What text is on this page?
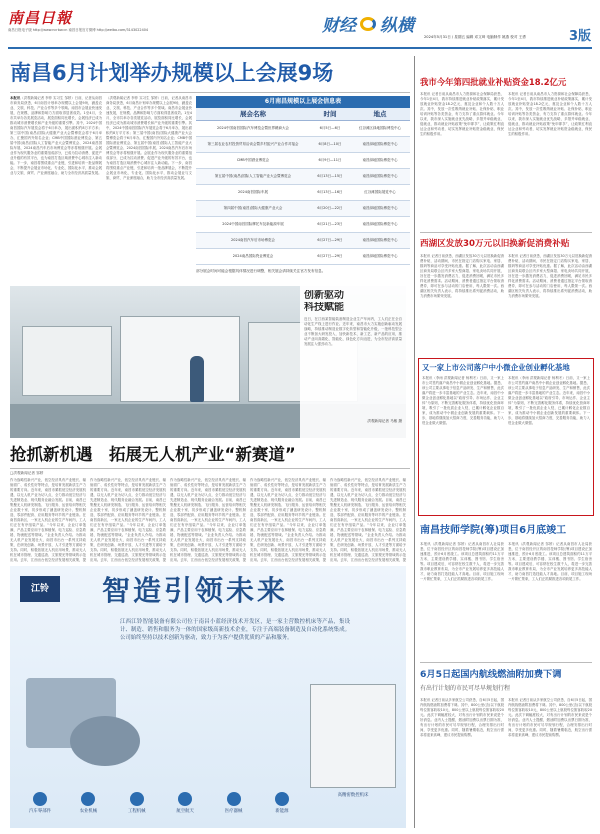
南昌日報
南昌日报电子版 http://www.ncrbw.cn 南昌日报官方微博 http://weibo.com/3143022404	财经 纵横
2024年5月31日 / 星期五 编辑 邓文琦 电脑制作 姚燕 校对 王勇	3版
南昌6月计划举办规模以上会展9场
本报讯（洪观新闻记者 李菲 实习生 邹婷）日前，记者从南昌市商务局获悉，6月南昌计划举办规模以上会展9场，涵盖农业、文旅、科技、产业合作等多个领域。南昌市会展业快速发展，在规模、品牌和影响力方面取得显著成效。1至4月，全市共举办各类展览活动，展览面积同比增长，会展经济已成为推动城市消费增长和产业升级的重要引擎。其中，2024中国南昌国际汽车展览会将于6月举办，展出面积约8万平方米；第三届中国(南昌)国际大健康产业大会暨博览会将于6月举办，汇聚国内外知名企业；CMB中国国际酒业博览会、第五届中国(南昌)国际人工智能产业大会暨博览会、2024南昌国际车展、2024南昌汽车后市场博览会等亦将相继开展。会展业作为现代服务业的重要组成部分，已成为拉动消费、促进产业升级的有效平台，也为南昌打造区域消费中心城市注入新动能。下一步，南昌将围绕重点产业链，引进和培育一批品牌展会，不断提升会展业市场化、专业化、国际化水平，推动会展业与文旅、商贸、产业深度融合，助力全市经济高质量发展。
（洪观新闻记者 李菲 实习生 邹婷）日前，记者从南昌市商务局获悉，6月南昌计划举办规模以上会展9场，涵盖农业、文旅、科技、产业合作等多个领域。南昌市会展业快速发展，在规模、品牌和影响力方面取得显著成效。1至4月，全市共举办各类展览活动，展览面积同比增长，会展经济已成为推动城市消费增长和产业升级的重要引擎。其中，2024中国南昌国际汽车展览会将于6月举办，展出面积约8万平方米；第三届中国(南昌)国际大健康产业大会暨博览会将于6月举办，汇聚国内外知名企业；CMB中国国际酒业博览会、第五届中国(南昌)国际人工智能产业大会暨博览会、2024南昌国际车展、2024南昌汽车后市场博览会等亦将相继开展。会展业作为现代服务业的重要组成部分，已成为拉动消费、促进产业升级的有效平台，也为南昌打造区域消费中心城市注入新动能。下一步，南昌将围绕重点产业链，引进和培育一批品牌展会，不断提升会展业市场化、专业化、国际化水平，推动会展业与文旅、商贸、产业深度融合，助力全市经济高质量发展。
6月南昌规模以上展会信息表
展会名称	时间	地点
2024中国南昌国际汽车博览会暨世界赣商大会	6月5日—6日	红谷滩区绿地国际博览中心
第三届农业农村投资贸易洽谈会暨乡村振兴产业合作对接会	6月8日—10日	南昌绿地国际博览中心
CMB中国酒业博览会	6月9日—11日	南昌绿地国际博览中心
第五届中国(南昌)国际人工智能产业大会暨博览会	6月13日—15日	南昌绿地国际博览中心
2024南昌国际车展	6月13日—16日	红谷滩国际展览中心
第四届中国(南昌)国际大健康产业大会	6月20日—22日	南昌绿地国际博览中心
2024中国南昌国际摩托车及新能源车展	6月21日—23日	南昌绿地国际博览中心
2024南昌汽车后市场博览会	6月27日—29日	南昌绿地国际博览中心
2024南昌国际瓷业博览会	6月27日—29日	南昌绿地国际博览中心
部分展会时间可能会根据具体情况进行调整，相关展会请持续关注官方发布信息。
创新驱动
科技赋能
近日，在江西某智能装备制造企业生产车间内，工人们正在全自动化生产线上进行作业。近年来，南昌市大力实施创新驱动发展战略，持续推动制造业数字化转型和智能化升级，一批科技型企业不断加大研发投入，加快新技术、新工艺、新产品的应用，推动产业向高端化、智能化、绿色化方向迈进，为全市经济高质量发展注入强劲动力。
洪观新闻记者 马敏 摄
抢抓新机遇　拓展无人机产业“新赛道”
□洪观新闻记者 邹婷
作为战略性新兴产业，低空经济具有产业链长、辐射面广、成长性好等特点，是培育发展新质生产力的重要方向。近年来，南昌市紧抓低空经济发展机遇，以无人机产业为切入点，全力推动低空经济与先进制造业、现代服务业融合发展。目前，南昌已集聚无人机研发制造、飞行服务、运营培训等相关企业数十家，初步形成了涵盖研发设计、整机制造、零部件配套、应用服务等环节的产业链条。在南昌高新区，一家无人机企业的生产车间内，工人们正在有序组装产品。“今年以来，企业订单饱满，产品主要应用于农林植保、电力巡检、应急救援、物流配送等领域。”企业负责人介绍。为推动无人机产业发展壮大，南昌市出台一系列支持政策，在研发创新、场景开放、人才引进等方面给予支持。同时，积极拓展无人机应用场景，推动无人机在城市管理、交通巡查、文旅观光等领域的示范应用。去年，江西出台低空经济发展相关政策，提
作为战略性新兴产业，低空经济具有产业链长、辐射面广、成长性好等特点，是培育发展新质生产力的重要方向。近年来，南昌市紧抓低空经济发展机遇，以无人机产业为切入点，全力推动低空经济与先进制造业、现代服务业融合发展。目前，南昌已集聚无人机研发制造、飞行服务、运营培训等相关企业数十家，初步形成了涵盖研发设计、整机制造、零部件配套、应用服务等环节的产业链条。在南昌高新区，一家无人机企业的生产车间内，工人们正在有序组装产品。“今年以来，企业订单饱满，产品主要应用于农林植保、电力巡检、应急救援、物流配送等领域。”企业负责人介绍。为推动无人机产业发展壮大，南昌市出台一系列支持政策，在研发创新、场景开放、人才引进等方面给予支持。同时，积极拓展无人机应用场景，推动无人机在城市管理、交通巡查、文旅观光等领域的示范应用。去年，江西出台低空经济发展相关政策，提
作为战略性新兴产业，低空经济具有产业链长、辐射面广、成长性好等特点，是培育发展新质生产力的重要方向。近年来，南昌市紧抓低空经济发展机遇，以无人机产业为切入点，全力推动低空经济与先进制造业、现代服务业融合发展。目前，南昌已集聚无人机研发制造、飞行服务、运营培训等相关企业数十家，初步形成了涵盖研发设计、整机制造、零部件配套、应用服务等环节的产业链条。在南昌高新区，一家无人机企业的生产车间内，工人们正在有序组装产品。“今年以来，企业订单饱满，产品主要应用于农林植保、电力巡检、应急救援、物流配送等领域。”企业负责人介绍。为推动无人机产业发展壮大，南昌市出台一系列支持政策，在研发创新、场景开放、人才引进等方面给予支持。同时，积极拓展无人机应用场景，推动无人机在城市管理、交通巡查、文旅观光等领域的示范应用。去年，江西出台低空经济发展相关政策，提
作为战略性新兴产业，低空经济具有产业链长、辐射面广、成长性好等特点，是培育发展新质生产力的重要方向。近年来，南昌市紧抓低空经济发展机遇，以无人机产业为切入点，全力推动低空经济与先进制造业、现代服务业融合发展。目前，南昌已集聚无人机研发制造、飞行服务、运营培训等相关企业数十家，初步形成了涵盖研发设计、整机制造、零部件配套、应用服务等环节的产业链条。在南昌高新区，一家无人机企业的生产车间内，工人们正在有序组装产品。“今年以来，企业订单饱满，产品主要应用于农林植保、电力巡检、应急救援、物流配送等领域。”企业负责人介绍。为推动无人机产业发展壮大，南昌市出台一系列支持政策，在研发创新、场景开放、人才引进等方面给予支持。同时，积极拓展无人机应用场景，推动无人机在城市管理、交通巡查、文旅观光等领域的示范应用。去年，江西出台低空经济发展相关政策，提
作为战略性新兴产业，低空经济具有产业链长、辐射面广、成长性好等特点，是培育发展新质生产力的重要方向。近年来，南昌市紧抓低空经济发展机遇，以无人机产业为切入点，全力推动低空经济与先进制造业、现代服务业融合发展。目前，南昌已集聚无人机研发制造、飞行服务、运营培训等相关企业数十家，初步形成了涵盖研发设计、整机制造、零部件配套、应用服务等环节的产业链条。在南昌高新区，一家无人机企业的生产车间内，工人们正在有序组装产品。“今年以来，企业订单饱满，产品主要应用于农林植保、电力巡检、应急救援、物流配送等领域。”企业负责人介绍。为推动无人机产业发展壮大，南昌市出台一系列支持政策，在研发创新、场景开放、人才引进等方面给予支持。同时，积极拓展无人机应用场景，推动无人机在城市管理、交通巡查、文旅观光等领域的示范应用。去年，江西出台低空经济发展相关政策，提
江铃	智造引领未来
江西江铃智能装备有限公司位于南昌小蓝经济技术开发区，是一家主营数控机床等产品，集设计、制造、销售和服务为一体的国家级高新技术企业，专注于高端装备制造及自动化系统集成。公司始终坚持以技术创新为驱动，致力于为客户提供优质的产品和服务。
高精密数控机床
汽车零部件	农业机械	工程机械	航空航天	医疗器械	新能源
我市今年第四批就业补贴资金18.2亿元
本报讯 记者日前从南昌市人力资源和社会保障局获悉，今年1至4月，我市持续推进就业补贴政策落实，累计发放就业补贴资金18.2亿元，惠及企业和个人数十万人次。其中，发放一次性吸纳就业补贴、社保补贴、职业培训补贴等各类资金，有力支持了重点群体就业。今年以来，我市深入实施就业优先战略，多措并举稳就业、促就业，推动就业补贴政策“免申即享”，让政策红利直达企业和劳动者，切实发挥就业补贴资金稳就业、保民生的积极作用。
本报讯 记者日前从南昌市人力资源和社会保障局获悉，今年1至4月，我市持续推进就业补贴政策落实，累计发放就业补贴资金18.2亿元，惠及企业和个人数十万人次。其中，发放一次性吸纳就业补贴、社保补贴、职业培训补贴等各类资金，有力支持了重点群体就业。今年以来，我市深入实施就业优先战略，多措并举稳就业、促就业，推动就业补贴政策“免申即享”，让政策红利直达企业和劳动者，切实发挥就业补贴资金稳就业、保民生的积极作用。
西湖区发放30万元以旧换新促消费补贴
本报讯 记者日前获悉，西湖区发放30万元以旧换新促消费补贴，活动期间，市民在指定门店购买家电、家居、数码等商品可享受补贴优惠。据了解，此次活动由西湖区商务局联合区内多家大型商超、家电卖场共同开展，旨在进一步激发消费活力，促进消费回暖，满足市民多样化消费需求。活动期间，消费者通过指定平台领取消费券，即可在参与活动的门店使用，每人限领一次。西湖区相关负责人表示，将持续推出系列促消费活动，助力消费市场繁荣发展。
本报讯 记者日前获悉，西湖区发放30万元以旧换新促消费补贴，活动期间，市民在指定门店购买家电、家居、数码等商品可享受补贴优惠。据了解，此次活动由西湖区商务局联合区内多家大型商超、家电卖场共同开展，旨在进一步激发消费活力，促进消费回暖，满足市民多样化消费需求。活动期间，消费者通过指定平台领取消费券，即可在参与活动的门店使用，每人限领一次。西湖区相关负责人表示，将持续推出系列促消费活动，助力消费市场繁荣发展。
又一家上市公司落户中小微企业创业孵化基地
本报讯（李雨 洪观新闻记者 杨利冬）日前，又一家上市公司签约落户南昌中小微企业创业孵化基地。据悉，该公司主要从事电子信息产品研发、生产和销售，此次落户将进一步丰富基地的产业生态。近年来，南昌中小微企业创业孵化基地以“政府引导、市场运作、企业主体”为原则，不断完善孵化服务体系，持续优化营商环境，吸引了一批优质企业入驻，已累计孵化企业数百家，成为推动中小微企业创新发展的重要载体。下一步，基地将继续加大招商力度，完善服务功能，助力入驻企业做大做强。
本报讯（李雨 洪观新闻记者 杨利冬）日前，又一家上市公司签约落户南昌中小微企业创业孵化基地。据悉，该公司主要从事电子信息产品研发、生产和销售，此次落户将进一步丰富基地的产业生态。近年来，南昌中小微企业创业孵化基地以“政府引导、市场运作、企业主体”为原则，不断完善孵化服务体系，持续优化营商环境，吸引了一批优质企业入驻，已累计孵化企业数百家，成为推动中小微企业创新发展的重要载体。下一步，基地将继续加大招商力度，完善服务功能，助力入驻企业做大做强。
南昌技师学院(筹)项目6月底竣工
本报讯（洪观新闻记者 邹婷）记者从南昌市人社局获悉，位于南昌经开区的南昌技师学院(筹)项目建设正加速推进，预计6月底竣工。该项目总建筑面积约11万平方米，主要建设教学楼、实训楼、图书馆、学生宿舍等。项目建成后，可容纳在校生数千人，将进一步完善我市职业教育布局，为全市产业发展培养更多高技能人才，助力南昌打造技能人才高地。目前，项目施工现场一片繁忙景象，工人们正抓紧推进各项收尾工作。
本报讯（洪观新闻记者 邹婷）记者从南昌市人社局获悉，位于南昌经开区的南昌技师学院(筹)项目建设正加速推进，预计6月底竣工。该项目总建筑面积约11万平方米，主要建设教学楼、实训楼、图书馆、学生宿舍等。项目建成后，可容纳在校生数千人，将进一步完善我市职业教育布局，为全市产业发展培养更多高技能人才，助力南昌打造技能人才高地。目前，项目施工现场一片繁忙景象，工人们正抓紧推进各项收尾工作。
6月5日起国内航线燃油附加费下调
有出行计划的市民可尽早规划行程
本报讯 记者日前从多家航空公司获悉，自6月5日起，国内航线燃油附加费将下调。其中，800公里(含)以下航段每位旅客收取10元，800公里以上航段每位旅客收取20元。此次下调幅度较大，对有出行计划的市民来说是个好消息。业内人士提醒，燃油附加费以出票日期为准，有出行计划的市民可尽早规划行程，合理安排出行时间，享受更多优惠。同时，随着暑期临近，航空出行需求将迎来高峰，建议市民提前购票。
本报讯 记者日前从多家航空公司获悉，自6月5日起，国内航线燃油附加费将下调。其中，800公里(含)以下航段每位旅客收取10元，800公里以上航段每位旅客收取20元。此次下调幅度较大，对有出行计划的市民来说是个好消息。业内人士提醒，燃油附加费以出票日期为准，有出行计划的市民可尽早规划行程，合理安排出行时间，享受更多优惠。同时，随着暑期临近，航空出行需求将迎来高峰，建议市民提前购票。
